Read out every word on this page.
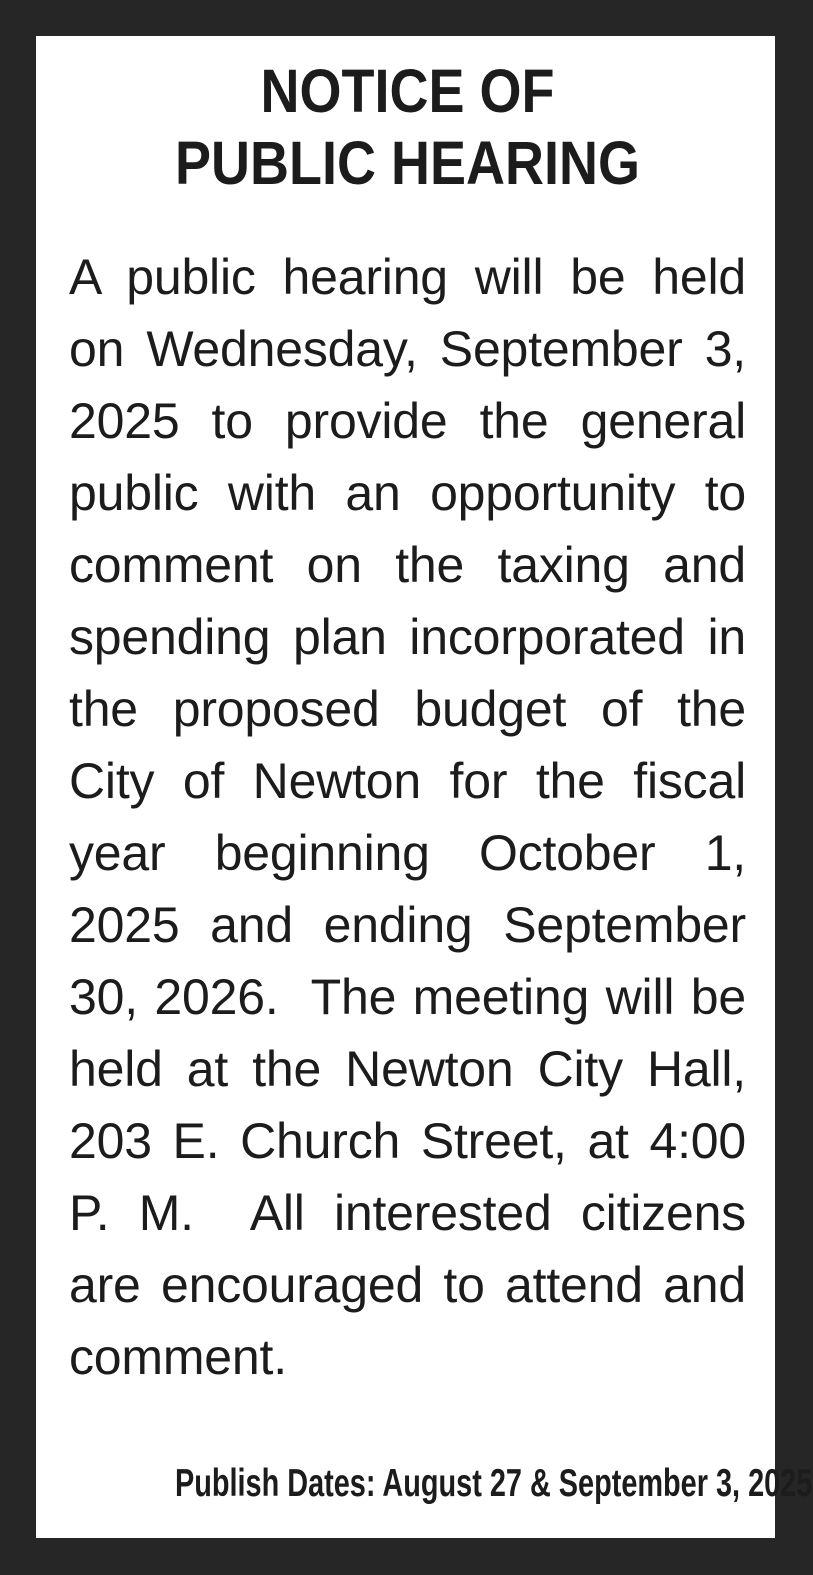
NOTICE OF
PUBLIC HEARING
A public hearing will be held
on Wednesday, September 3,
2025 to provide the general
public with an opportunity to
comment on the taxing and
spending plan incorporated in
the proposed budget of the
City of Newton for the fiscal
year beginning October 1,
2025 and ending September
30, 2026.  The meeting will be
held at the Newton City Hall,
203 E. Church Street, at 4:00
P. M.  All interested citizens
are encouraged to attend and
comment.
Publish Dates: August 27 & September 3, 2025
